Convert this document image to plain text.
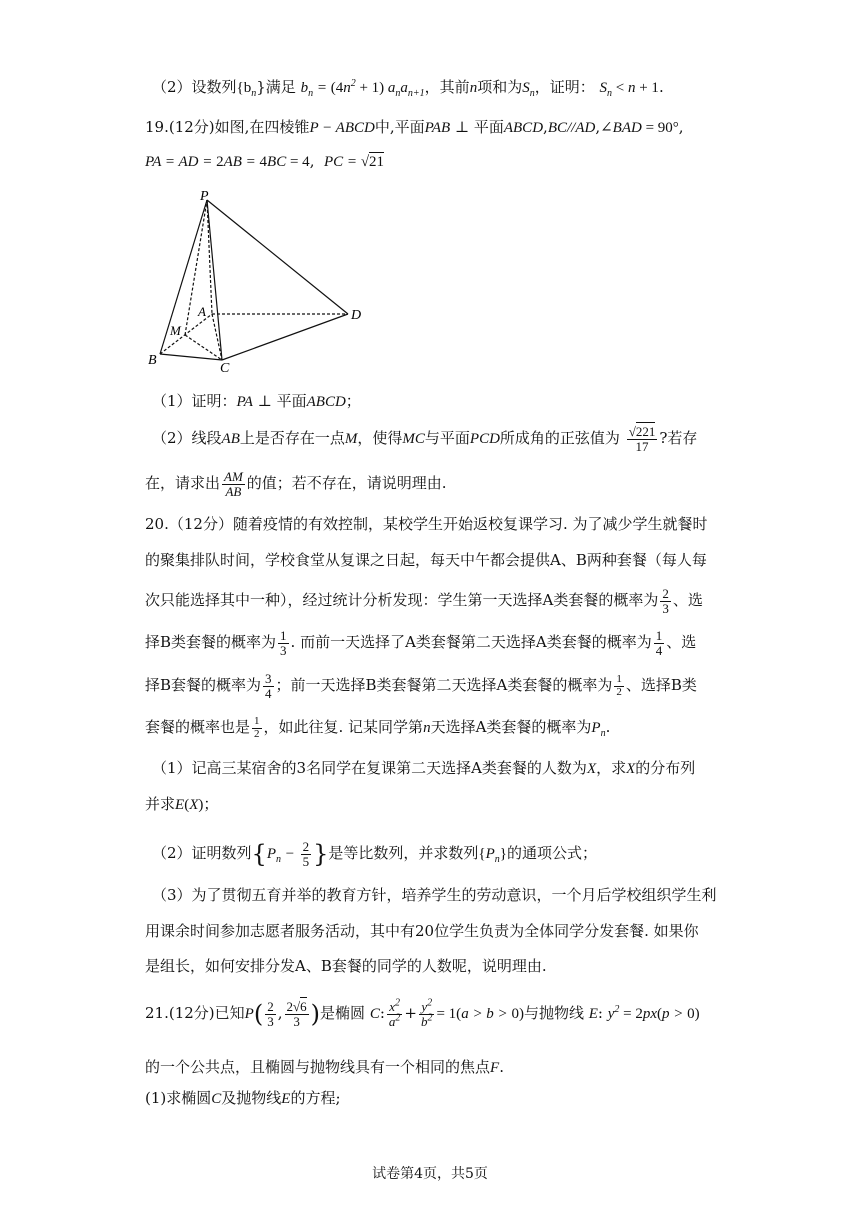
（2）设数列$\{b_n\}$满足 $b_n = (4n^2 + 1)$ $a_na_{n+1}$，其前n项和为$S_n$，证明： $S_n < n + 1$.
19.(12分)如图,在四棱锥P − ABCD中,平面PAB ⊥ 平面ABCD,BC//AD,∠BAD = 90°,
PA = AD = 2AB = 4BC = 4, PC = √21
P
A
M
B
C
D
（1）证明：PA ⊥ 平面ABCD；
（2）线段AB上是否存在一点M，使得MC与平面PCD所成角的正弦值为 $\frac{√221}{17}$ ?若存
在，请求出 $\frac{AM}{AB}$ 的值；若不存在，请说明理由.
20.（12分）随着疫情的有效控制，某校学生开始返校复课学习. 为了减少学生就餐时
的聚集排队时间，学校食堂从复课之日起，每天中午都会提供A、B两种套餐（每人每
次只能选择其中一种），经过统计分析发现：学生第一天选择A类套餐的概率为 $\frac{2}{3}$ 、选
择B类套餐的概率为 $\frac{1}{3}$ . 而前一天选择了A类套餐第二天选择A类套餐的概率为 $\frac{1}{4}$ 、选
择B套餐的概率为 $\frac{3}{4}$ ；前一天选择B类套餐第二天选择A类套餐的概率为 $\frac{1}{2}$ 、选择B类
套餐的概率也是 $\frac{1}{2}$ ，如此往复. 记某同学第n天选择A类套餐的概率为$P_n$.
（1）记高三某宿舍的3名同学在复课第二天选择A类套餐的人数为X，求X的分布列
并求E(X)；
（2）证明数列{$P_n - \frac{2}{5}$ }是等比数列，并求数列$\{P_n\}$的通项公式；
（3）为了贯彻五育并举的教育方针，培养学生的劳动意识，一个月后学校组织学生利
用课余时间参加志愿者服务活动，其中有20位学生负责为全体同学分发套餐. 如果你
是组长，如何安排分发A、B套餐的同学的人数呢，说明理由.
21.(12分)已知$P( \frac{2}{3}$ , $\frac{2√6}{3}$ )是椭圆 C: $\frac{x^2}{a^2} + \frac{y^2}{b^2} = 1(a > b > 0)$与抛物线 E: $y^2 = 2px(p > 0)$
的一个公共点，且椭圆与抛物线具有一个相同的焦点F.
(1)求椭圆C及抛物线E的方程;
试卷第4页，共5页
